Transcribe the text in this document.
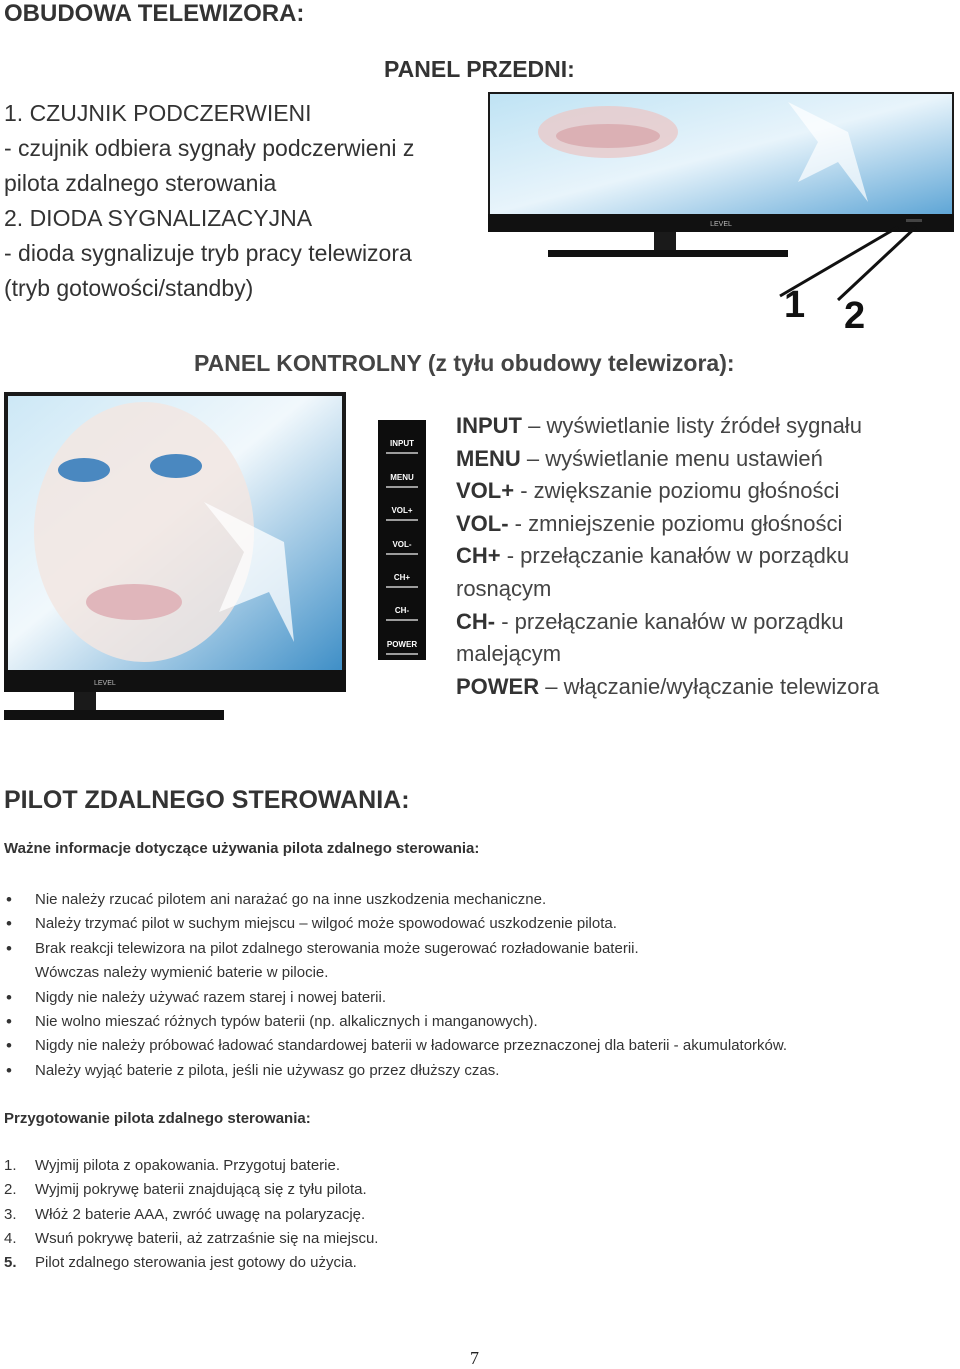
OBUDOWA TELEWIZORA:
PANEL PRZEDNI:
1. CZUJNIK PODCZERWIENI
- czujnik odbiera sygnały podczerwieni z
pilota zdalnego sterowania
2. DIODA SYGNALIZACYJNA
- dioda sygnalizuje tryb pracy telewizora
(tryb gotowości/standby)
LEVEL
1 2
PANEL KONTROLNY (z tyłu obudowy telewizora):
LEVEL
INPUT
MENU
VOL+
VOL-
CH+
CH-
POWER
INPUT – wyświetlanie listy źródeł sygnału
MENU – wyświetlanie menu ustawień
VOL+ - zwiększanie poziomu głośności
VOL- - zmniejszenie poziomu głośności
CH+ - przełączanie kanałów w porządku
rosnącym
CH- - przełączanie kanałów w porządku
malejącym
POWER – włączanie/wyłączanie telewizora
PILOT ZDALNEGO STEROWANIA:

Ważne informacje dotyczące używania pilota zdalnego sterowania:

• Nie należy rzucać pilotem ani narażać go na inne uszkodzenia mechaniczne.
• Należy trzymać pilot w suchym miejscu – wilgoć może spowodować uszkodzenie pilota.
• Brak reakcji telewizora na pilot zdalnego sterowania może sugerować rozładowanie baterii.
Wówczas należy wymienić baterie w pilocie.
• Nigdy nie należy używać razem starej i nowej baterii.
• Nie wolno mieszać różnych typów baterii (np. alkalicznych i manganowych).
• Nigdy nie należy próbować ładować standardowej baterii w ładowarce przeznaczonej dla baterii - akumulatorków.
• Należy wyjąć baterie z pilota, jeśli nie używasz go przez dłuższy czas.

Przygotowanie pilota zdalnego sterowania:

1. Wyjmij pilota z opakowania. Przygotuj baterie.
2. Wyjmij pokrywę baterii znajdującą się z tyłu pilota.
3. Włóż 2 baterie AAA, zwróć uwagę na polaryzację.
4. Wsuń pokrywę baterii, aż zatrzaśnie się na miejscu.
5. Pilot zdalnego sterowania jest gotowy do użycia.

7
